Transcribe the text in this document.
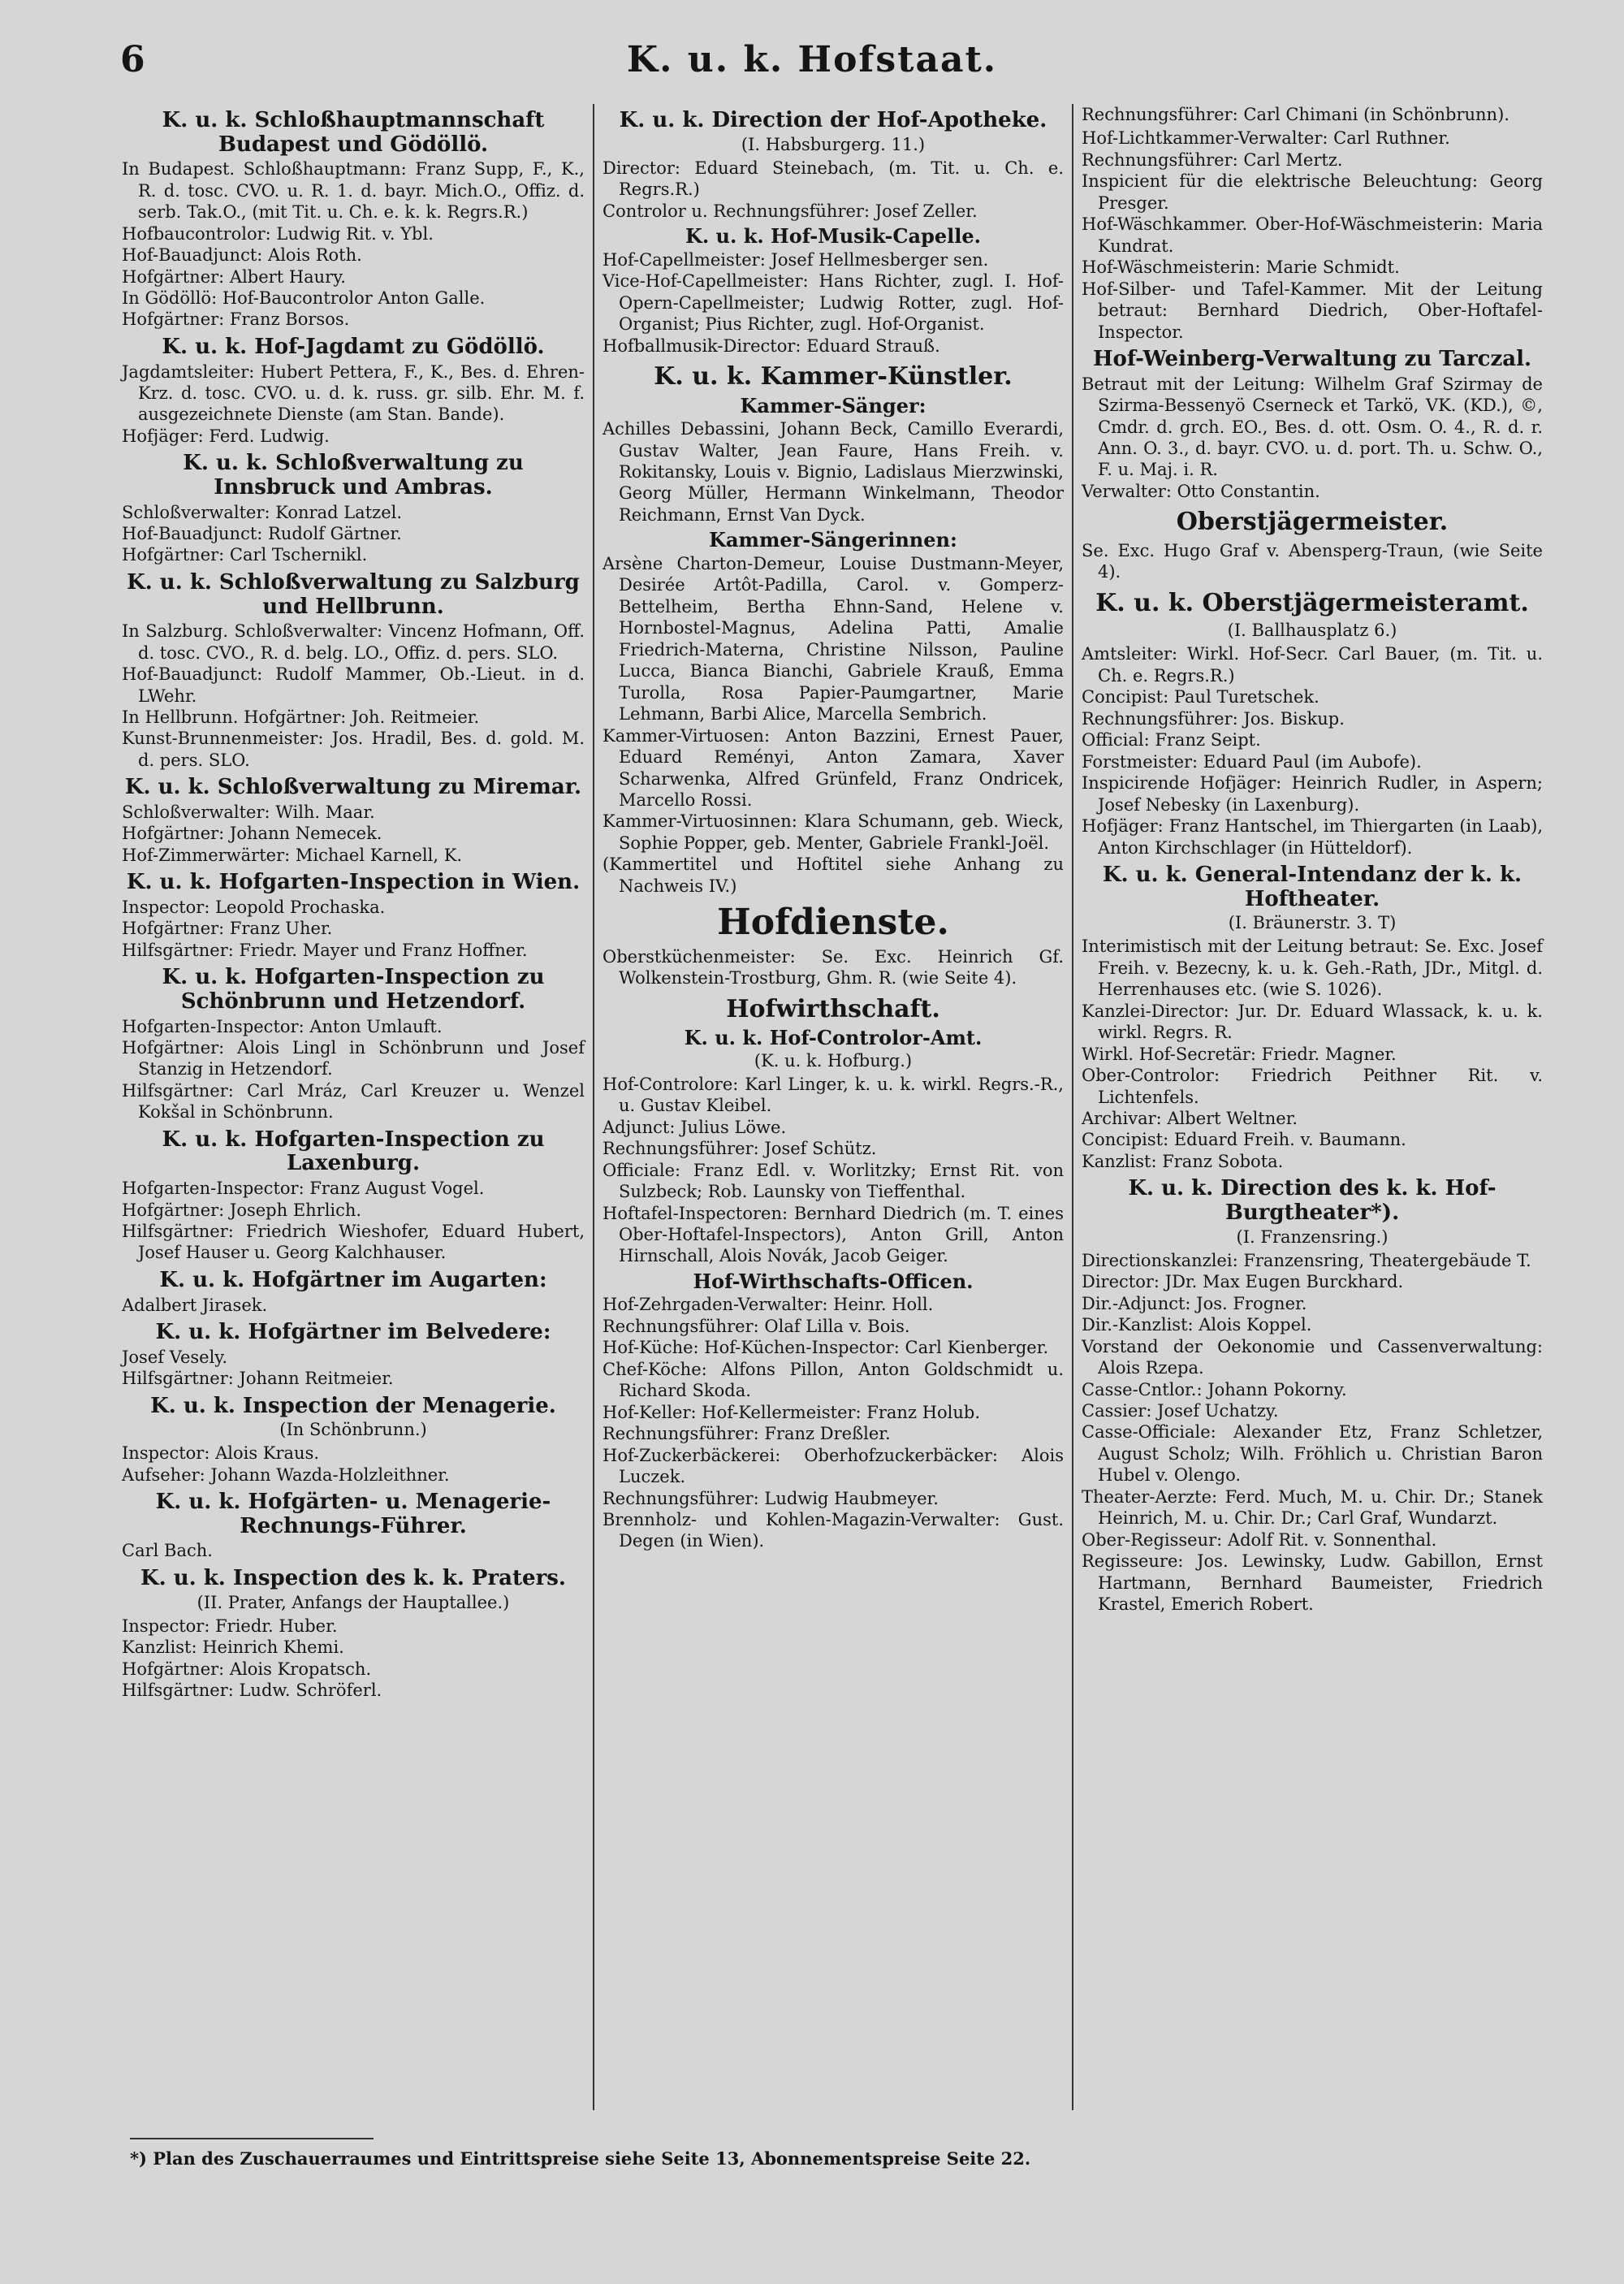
6	K. u. k. Hofstaat.
K. u. k. Schloßhauptmannschaft Budapest und Gödöllö.
In Budapest. Schloßhauptmann: Franz Supp, F., K., R. d. tosc. CVO. u. R. 1. d. bayr. Mich.O., Offiz. d. serb. Tak.O., (mit Tit. u. Ch. e. k. k. Regrs.R.)
Hofbaucontrolor: Ludwig Rit. v. Ybl.
Hof-Bauadjunct: Alois Roth.
Hofgärtner: Albert Haury.
In Gödöllö: Hof-Baucontrolor Anton Galle.
Hofgärtner: Franz Borsos.
K. u. k. Hof-Jagdamt zu Gödöllö.
Jagdamtsleiter: Hubert Pettera, F., K., Bes. d. Ehren-Krz. d. tosc. CVO. u. d. k. russ. gr. silb. Ehr. M. f. ausgezeichnete Dienste (am Stan. Bande).
Hofjäger: Ferd. Ludwig.
K. u. k. Schloßverwaltung zu Innsbruck und Ambras.
Schloßverwalter: Konrad Latzel.
Hof-Bauadjunct: Rudolf Gärtner.
Hofgärtner: Carl Tschernikl.
K. u. k. Schloßverwaltung zu Salzburg und Hellbrunn.
In Salzburg. Schloßverwalter: Vincenz Hofmann, Off. d. tosc. CVO., R. d. belg. LO., Offiz. d. pers. SLO.
Hof-Bauadjunct: Rudolf Mammer, Ob.-Lieut. in d. LWehr.
In Hellbrunn. Hofgärtner: Joh. Reitmeier.
Kunst-Brunnenmeister: Jos. Hradil, Bes. d. gold. M. d. pers. SLO.
K. u. k. Schloßverwaltung zu Miremar.
Schloßverwalter: Wilh. Maar.
Hofgärtner: Johann Nemecek.
Hof-Zimmerwärter: Michael Karnell, K.
K. u. k. Hofgarten-Inspection in Wien.
Inspector: Leopold Prochaska.
Hofgärtner: Franz Uher.
Hilfsgärtner: Friedr. Mayer und Franz Hoffner.
K. u. k. Hofgarten-Inspection zu Schönbrunn und Hetzendorf.
Hofgarten-Inspector: Anton Umlauft.
Hofgärtner: Alois Lingl in Schönbrunn und Josef Stanzig in Hetzendorf.
Hilfsgärtner: Carl Mráz, Carl Kreuzer u. Wenzel Kokšal in Schönbrunn.
K. u. k. Hofgarten-Inspection zu Laxenburg.
Hofgarten-Inspector: Franz August Vogel.
Hofgärtner: Joseph Ehrlich.
Hilfsgärtner: Friedrich Wieshofer, Eduard Hubert, Josef Hauser u. Georg Kalchhauser.
K. u. k. Hofgärtner im Augarten:
Adalbert Jirasek.
K. u. k. Hofgärtner im Belvedere:
Josef Vesely.
Hilfsgärtner: Johann Reitmeier.
K. u. k. Inspection der Menagerie.
(In Schönbrunn.)
Inspector: Alois Kraus.
Aufseher: Johann Wazda-Holzleithner.
K. u. k. Hofgärten- u. Menagerie-Rechnungs-Führer.
Carl Bach.
K. u. k. Inspection des k. k. Praters.
(II. Prater, Anfangs der Hauptallee.)
Inspector: Friedr. Huber.
Kanzlist: Heinrich Khemi.
Hofgärtner: Alois Kropatsch.
Hilfsgärtner: Ludw. Schröferl.
K. u. k. Direction der Hof-Apotheke.
(I. Habsburgerg. 11.)
Director: Eduard Steinebach, (m. Tit. u. Ch. e. Regrs.R.)
Controlor u. Rechnungsführer: Josef Zeller.
K. u. k. Hof-Musik-Capelle.
Hof-Capellmeister: Josef Hellmesberger sen.
Vice-Hof-Capellmeister: Hans Richter, zugl. I. Hof-Opern-Capellmeister; Ludwig Rotter, zugl. Hof-Organist; Pius Richter, zugl. Hof-Organist.
Hofballmusik-Director: Eduard Strauß.
K. u. k. Kammer-Künstler.
Kammer-Sänger:
Achilles Debassini, Johann Beck, Camillo Everardi, Gustav Walter, Jean Faure, Hans Freih. v. Rokitansky, Louis v. Bignio, Ladislaus Mierzwinski, Georg Müller, Hermann Winkelmann, Theodor Reichmann, Ernst Van Dyck.
Kammer-Sängerinnen:
Arsène Charton-Demeur, Louise Dustmann-Meyer, Desirée Artôt-Padilla, Carol. v. Gomperz-Bettelheim, Bertha Ehnn-Sand, Helene v. Hornbostel-Magnus, Adelina Patti, Amalie Friedrich-Materna, Christine Nilsson, Pauline Lucca, Bianca Bianchi, Gabriele Krauß, Emma Turolla, Rosa Papier-Paumgartner, Marie Lehmann, Barbi Alice, Marcella Sembrich.
Kammer-Virtuosen: Anton Bazzini, Ernest Pauer, Eduard Reményi, Anton Zamara, Xaver Scharwenka, Alfred Grünfeld, Franz Ondricek, Marcello Rossi.
Kammer-Virtuosinnen: Klara Schumann, geb. Wieck, Sophie Popper, geb. Menter, Gabriele Frankl-Joël.
(Kammertitel und Hoftitel siehe Anhang zu Nachweis IV.)
Hofdienste.
Oberstküchenmeister: Se. Exc. Heinrich Gf. Wolkenstein-Trostburg, Ghm. R. (wie Seite 4).
Hofwirthschaft.
K. u. k. Hof-Controlor-Amt.
(K. u. k. Hofburg.)
Hof-Controlore: Karl Linger, k. u. k. wirkl. Regrs.-R., u. Gustav Kleibel.
Adjunct: Julius Löwe.
Rechnungsführer: Josef Schütz.
Officiale: Franz Edl. v. Worlitzky; Ernst Rit. von Sulzbeck; Rob. Launsky von Tieffenthal.
Hoftafel-Inspectoren: Bernhard Diedrich (m. T. eines Ober-Hoftafel-Inspectors), Anton Grill, Anton Hirnschall, Alois Novák, Jacob Geiger.
Hof-Wirthschafts-Officen.
Hof-Zehrgaden-Verwalter: Heinr. Holl.
Rechnungsführer: Olaf Lilla v. Bois.
Hof-Küche: Hof-Küchen-Inspector: Carl Kienberger.
Chef-Köche: Alfons Pillon, Anton Goldschmidt u. Richard Skoda.
Hof-Keller: Hof-Kellermeister: Franz Holub.
Rechnungsführer: Franz Dreßler.
Hof-Zuckerbäckerei: Oberhofzuckerbäcker: Alois Luczek.
Rechnungsführer: Ludwig Haubmeyer.
Brennholz- und Kohlen-Magazin-Verwalter: Gust. Degen (in Wien).
Rechnungsführer: Carl Chimani (in Schönbrunn).
Hof-Lichtkammer-Verwalter: Carl Ruthner.
Rechnungsführer: Carl Mertz.
Inspicient für die elektrische Beleuchtung: Georg Presger.
Hof-Wäschkammer. Ober-Hof-Wäschmeisterin: Maria Kundrat.
Hof-Wäschmeisterin: Marie Schmidt.
Hof-Silber- und Tafel-Kammer. Mit der Leitung betraut: Bernhard Diedrich, Ober-Hoftafel-Inspector.
Hof-Weinberg-Verwaltung zu Tarczal.
Betraut mit der Leitung: Wilhelm Graf Szirmay de Szirma-Bessenyö Cserneck et Tarkö, VK. (KD.), ©, Cmdr. d. grch. EO., Bes. d. ott. Osm. O. 4., R. d. r. Ann. O. 3., d. bayr. CVO. u. d. port. Th. u. Schw. O., F. u. Maj. i. R.
Verwalter: Otto Constantin.
Oberstjägermeister.
Se. Exc. Hugo Graf v. Abensperg-Traun, (wie Seite 4).
K. u. k. Oberstjägermeisteramt.
(I. Ballhausplatz 6.)
Amtsleiter: Wirkl. Hof-Secr. Carl Bauer, (m. Tit. u. Ch. e. Regrs.R.)
Concipist: Paul Turetschek.
Rechnungsführer: Jos. Biskup.
Official: Franz Seipt.
Forstmeister: Eduard Paul (im Aubofe).
Inspicirende Hofjäger: Heinrich Rudler, in Aspern; Josef Nebesky (in Laxenburg).
Hofjäger: Franz Hantschel, im Thiergarten (in Laab), Anton Kirchschlager (in Hütteldorf).
K. u. k. General-Intendanz der k. k. Hoftheater.
(I. Bräunerstr. 3. T)
Interimistisch mit der Leitung betraut: Se. Exc. Josef Freih. v. Bezecny, k. u. k. Geh.-Rath, JDr., Mitgl. d. Herrenhauses etc. (wie S. 1026).
Kanzlei-Director: Jur. Dr. Eduard Wlassack, k. u. k. wirkl. Regrs. R.
Wirkl. Hof-Secretär: Friedr. Magner.
Ober-Controlor: Friedrich Peithner Rit. v. Lichtenfels.
Archivar: Albert Weltner.
Concipist: Eduard Freih. v. Baumann.
Kanzlist: Franz Sobota.
K. u. k. Direction des k. k. Hof-Burgtheater*).
(I. Franzensring.)
Directionskanzlei: Franzensring, Theatergebäude T.
Director: JDr. Max Eugen Burckhard.
Dir.-Adjunct: Jos. Frogner.
Dir.-Kanzlist: Alois Koppel.
Vorstand der Oekonomie und Cassenverwaltung: Alois Rzepa.
Casse-Cntlor.: Johann Pokorny.
Cassier: Josef Uchatzy.
Casse-Officiale: Alexander Etz, Franz Schletzer, August Scholz; Wilh. Fröhlich u. Christian Baron Hubel v. Olengo.
Theater-Aerzte: Ferd. Much, M. u. Chir. Dr.; Stanek Heinrich, M. u. Chir. Dr.; Carl Graf, Wundarzt.
Ober-Regisseur: Adolf Rit. v. Sonnenthal.
Regisseure: Jos. Lewinsky, Ludw. Gabillon, Ernst Hartmann, Bernhard Baumeister, Friedrich Krastel, Emerich Robert.
*) Plan des Zuschauerraumes und Eintrittspreise siehe Seite 13, Abonnementspreise Seite 22.
